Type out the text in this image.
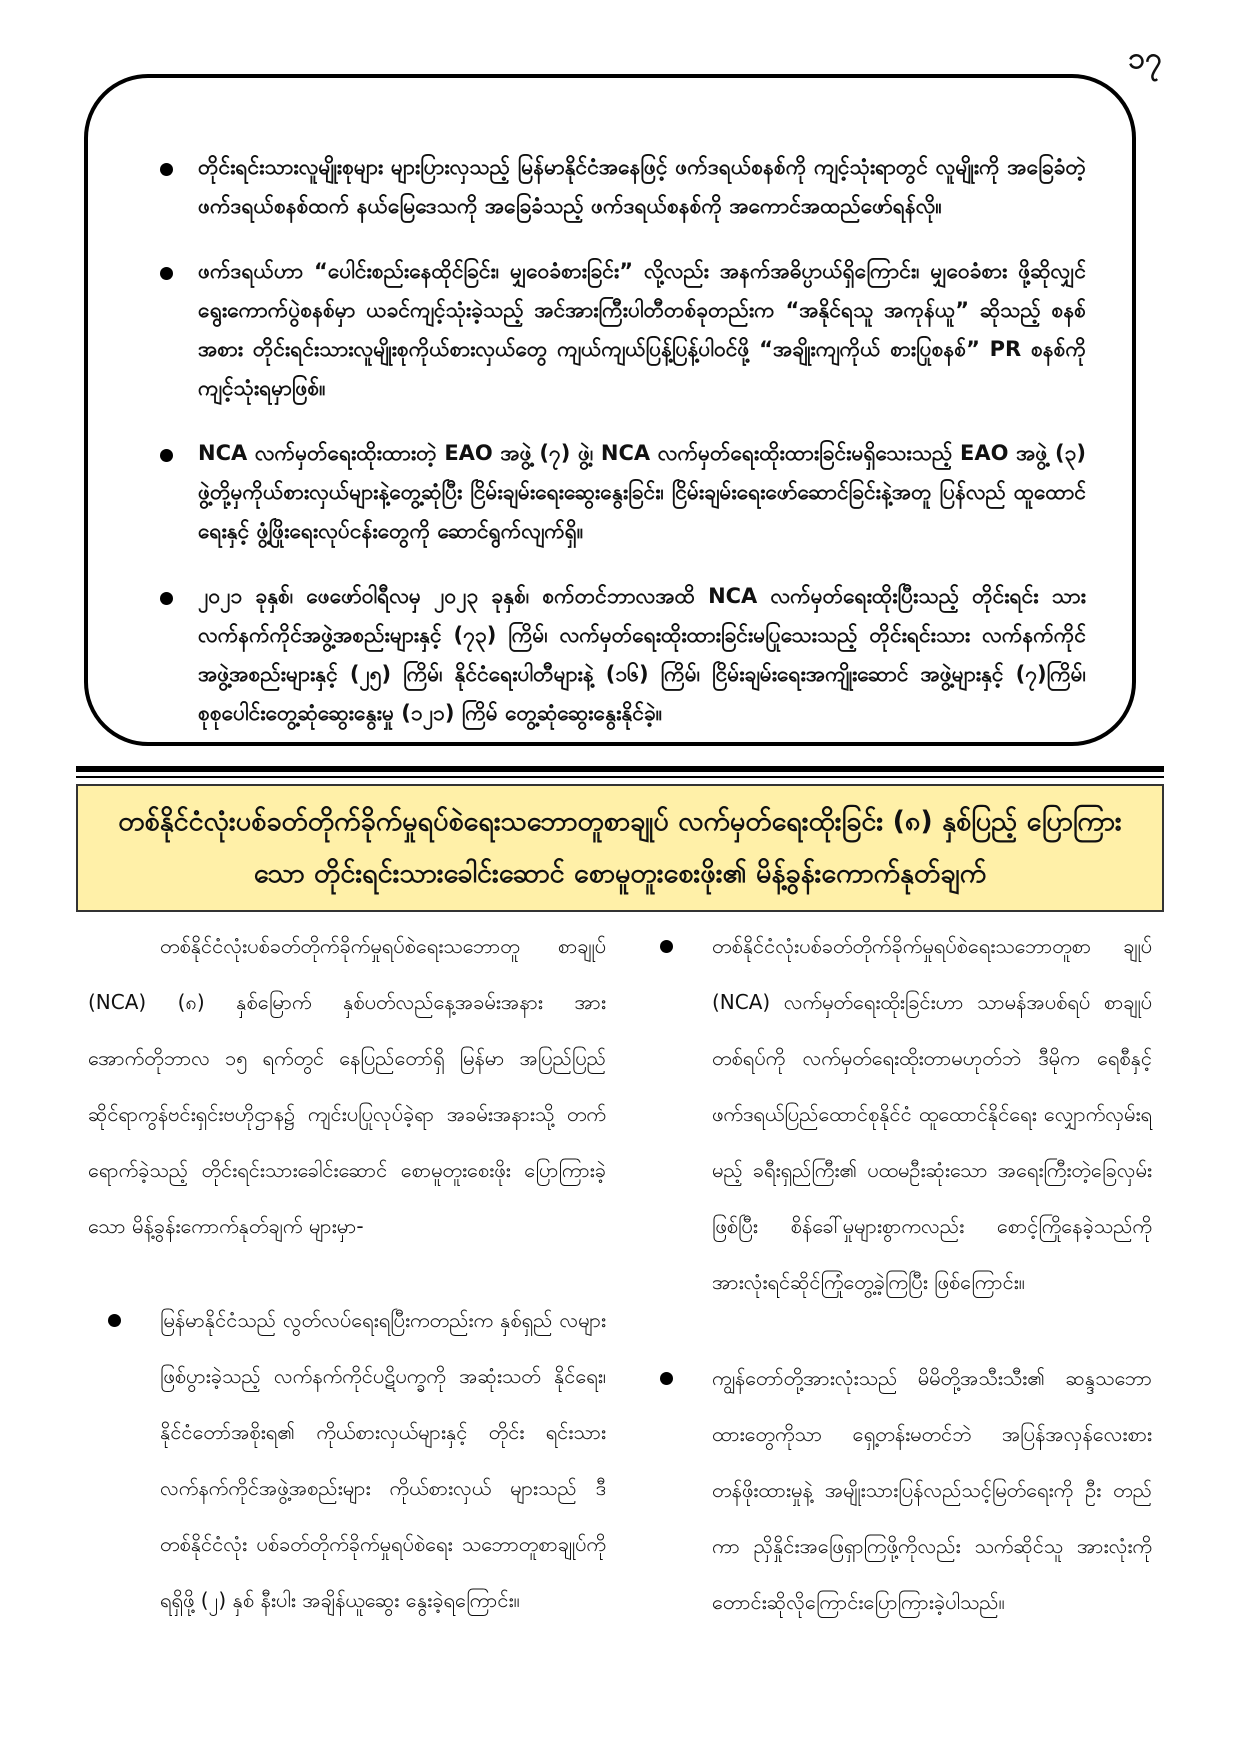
၁၇
တိုင်းရင်းသားလူမျိုးစုများ များပြားလှသည့် မြန်မာနိုင်ငံအနေဖြင့် ဖက်ဒရယ်စနစ်ကို ကျင့်သုံးရာတွင် လူမျိုးကို အခြေခံတဲ့ ဖက်ဒရယ်စနစ်ထက် နယ်မြေဒေသကို အခြေခံသည့် ဖက်ဒရယ်စနစ်ကို အကောင်အထည်ဖော်ရန်လို။
ဖက်ဒရယ်ဟာ “ပေါင်းစည်းနေထိုင်ခြင်း၊ မျှဝေခံစားခြင်း” လို့လည်း အနက်အဓိပ္ပာယ်ရှိကြောင်း၊ မျှဝေခံစား ဖို့ဆိုလျှင် ရွေးကောက်ပွဲစနစ်မှာ ယခင်ကျင့်သုံးခဲ့သည့် အင်အားကြီးပါတီတစ်ခုတည်းက “အနိုင်ရသူ အကုန်ယူ” ဆိုသည့် စနစ်အစား တိုင်းရင်းသားလူမျိုးစုကိုယ်စားလှယ်တွေ ကျယ်ကျယ်ပြန့်ပြန့်ပါဝင်ဖို့ “အချိုးကျကိုယ် စားပြုစနစ်” PR စနစ်ကိုကျင့်သုံးရမှာဖြစ်။
NCA လက်မှတ်ရေးထိုးထားတဲ့ EAO အဖွဲ့ (၇) ဖွဲ့၊ NCA လက်မှတ်ရေးထိုးထားခြင်းမရှိသေးသည့် EAO အဖွဲ့ (၃) ဖွဲ့တို့မှကိုယ်စားလှယ်များနဲ့တွေ့ဆုံပြီး ငြိမ်းချမ်းရေးဆွေးနွေးခြင်း၊ ငြိမ်းချမ်းရေးဖော်ဆောင်ခြင်းနဲ့အတူ ပြန်လည် ထူထောင်ရေးနှင့် ဖွံ့ဖြိုးရေးလုပ်ငန်းတွေကို ဆောင်ရွက်လျက်ရှိ။
၂၀၂၁ ခုနှစ်၊ ဖေဖော်ဝါရီလမှ ၂၀၂၃ ခုနှစ်၊ စက်တင်ဘာလအထိ NCA လက်မှတ်ရေးထိုးပြီးသည့် တိုင်းရင်း သားလက်နက်ကိုင်အဖွဲ့အစည်းများနှင့် (၇၃) ကြိမ်၊ လက်မှတ်ရေးထိုးထားခြင်းမပြုသေးသည့် တိုင်းရင်းသား လက်နက်ကိုင်အဖွဲ့အစည်းများနှင့် (၂၅) ကြိမ်၊ နိုင်ငံရေးပါတီများနဲ့ (၁၆) ကြိမ်၊ ငြိမ်းချမ်းရေးအကျိုးဆောင် အဖွဲ့များနှင့် (၇)ကြိမ်၊ စုစုပေါင်းတွေ့ဆုံဆွေးနွေးမှု (၁၂၁) ကြိမ် တွေ့ဆုံဆွေးနွေးနိုင်ခဲ့။
တစ်နိုင်ငံလုံးပစ်ခတ်တိုက်ခိုက်မှုရပ်စဲရေးသဘောတူစာချုပ် လက်မှတ်ရေးထိုးခြင်း (၈) နှစ်ပြည့် ပြောကြားသော တိုင်းရင်းသားခေါင်းဆောင် စောမူတူးစေးဖိုး၏ မိန့်ခွန်းကောက်နုတ်ချက်

တစ်နိုင်ငံလုံးပစ်ခတ်တိုက်ခိုက်မှုရပ်စဲရေးသဘောတူ စာချုပ် (NCA) (၈) နှစ်မြောက် နှစ်ပတ်လည်နေ့အခမ်းအနား အား အောက်တိုဘာလ ၁၅ ရက်တွင် နေပြည်တော်ရှိ မြန်မာ အပြည်ပြည်ဆိုင်ရာကွန်ဗင်းရှင်းဗဟိုဌာန၌ ကျင်းပပြုလုပ်ခဲ့ရာ အခမ်းအနားသို့ တက်ရောက်ခဲ့သည့် တိုင်းရင်းသားခေါင်းဆောင် စောမူတူးစေးဖိုး ပြောကြားခဲ့သော မိန့်ခွန်းကောက်နုတ်ချက် များမှာ-

မြန်မာနိုင်ငံသည် လွတ်လပ်ရေးရပြီးကတည်းက နှစ်ရှည် လများဖြစ်ပွားခဲ့သည့် လက်နက်ကိုင်ပဋိပက္ခကို အဆုံးသတ် နိုင်ရေး၊ နိုင်ငံတော်အစိုးရ၏ ကိုယ်စားလှယ်များနှင့် တိုင်း ရင်းသားလက်နက်ကိုင်အဖွဲ့အစည်းများ ကိုယ်စားလှယ် များသည် ဒီတစ်နိုင်ငံလုံး ပစ်ခတ်တိုက်ခိုက်မှုရပ်စဲရေး သဘောတူစာချုပ်ကိုရရှိဖို့ (၂) နှစ် နီးပါး အချိန်ယူဆွေး နွေးခဲ့ရကြောင်း။
တစ်နိုင်ငံလုံးပစ်ခတ်တိုက်ခိုက်မှုရပ်စဲရေးသဘောတူစာ ချုပ် (NCA) လက်မှတ်ရေးထိုးခြင်းဟာ သာမန်အပစ်ရပ် စာချုပ်တစ်ရပ်ကို လက်မှတ်ရေးထိုးတာမဟုတ်ဘဲ ဒီမိုက ရေစီနှင့် ဖက်ဒရယ်ပြည်ထောင်စုနိုင်ငံ ထူထောင်နိုင်ရေး လျှောက်လှမ်းရမည့် ခရီးရှည်ကြီး၏ ပထမဦးဆုံးသော အရေးကြီးတဲ့ခြေလှမ်းဖြစ်ပြီး စိန်ခေါ်မှုများစွာကလည်း စောင့်ကြိုနေခဲ့သည်ကို အားလုံးရင်ဆိုင်ကြုံတွေ့ခဲ့ကြပြီး ဖြစ်ကြောင်း။
ကျွန်တော်တို့အားလုံးသည် မိမိတို့အသီးသီး၏ ဆန္ဒသဘော ထားတွေကိုသာ ရှေ့တန်းမတင်ဘဲ အပြန်အလှန်လေးစား တန်ဖိုးထားမှုနဲ့ အမျိုးသားပြန်လည်သင့်မြတ်ရေးကို ဦး တည်ကာ ညှိနှိုင်းအဖြေရှာကြဖို့ကိုလည်း သက်ဆိုင်သူ အားလုံးကို တောင်းဆိုလိုကြောင်းပြောကြားခဲ့ပါသည်။
